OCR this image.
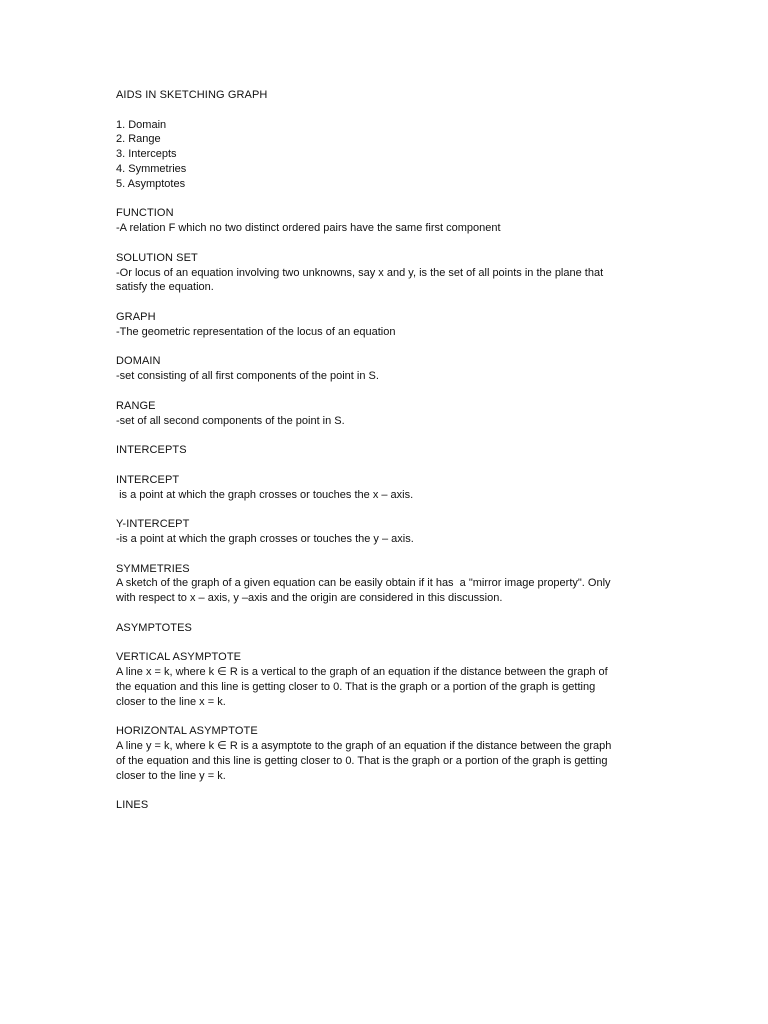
AIDS IN SKETCHING GRAPH
1. Domain
2. Range
3. Intercepts
4. Symmetries
5. Asymptotes
FUNCTION
-A relation F which no two distinct ordered pairs have the same first component
SOLUTION SET
-Or locus of an equation involving two unknowns, say x and y, is the set of all points in the plane that
satisfy the equation.
GRAPH
-The geometric representation of the locus of an equation
DOMAIN
-set consisting of all first components of the point in S.
RANGE
-set of all second components of the point in S.
INTERCEPTS
INTERCEPT
is a point at which the graph crosses or touches the x – axis.
Y-INTERCEPT
-is a point at which the graph crosses or touches the y – axis.
SYMMETRIES
A sketch of the graph of a given equation can be easily obtain if it has  a "mirror image property". Only
with respect to x – axis, y –axis and the origin are considered in this discussion.
ASYMPTOTES
VERTICAL ASYMPTOTE
A line x = k, where k ∈ R is a vertical to the graph of an equation if the distance between the graph of
the equation and this line is getting closer to 0. That is the graph or a portion of the graph is getting
closer to the line x = k.
HORIZONTAL ASYMPTOTE
A line y = k, where k ∈ R is a asymptote to the graph of an equation if the distance between the graph
of the equation and this line is getting closer to 0. That is the graph or a portion of the graph is getting
closer to the line y = k.
LINES
